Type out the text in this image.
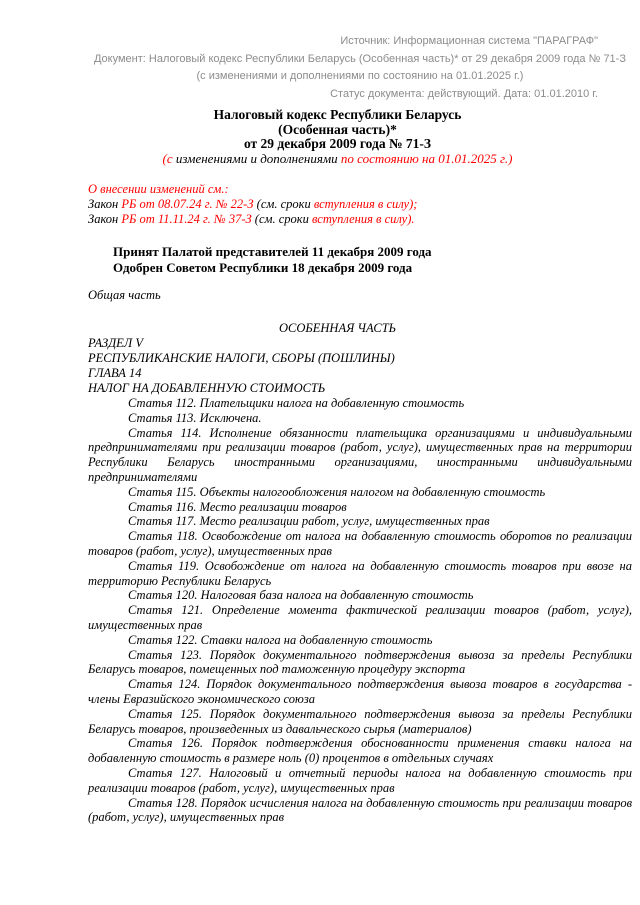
Источник: Информационная система "ПАРАГРАФ"
Документ: Налоговый кодекс Республики Беларусь (Особенная часть)* от 29 декабря 2009 года № 71-З (с изменениями и дополнениями по состоянию на 01.01.2025 г.)
Статус документа: действующий. Дата: 01.01.2010 г.
Налоговый кодекс Республики Беларусь
(Особенная часть)*
от 29 декабря 2009 года № 71-З
(с изменениями и дополнениями по состоянию на 01.01.2025 г.)
О внесении изменений см.:
Закон РБ от 08.07.24 г. № 22-З (см. сроки вступления в силу);
Закон РБ от 11.11.24 г. № 37-З (см. сроки вступления в силу).
Принят Палатой представителей 11 декабря 2009 года
Одобрен Советом Республики 18 декабря 2009 года
Общая часть
ОСОБЕННАЯ ЧАСТЬ
РАЗДЕЛ V
РЕСПУБЛИКАНСКИЕ НАЛОГИ, СБОРЫ (ПОШЛИНЫ)
ГЛАВА 14
НАЛОГ НА ДОБАВЛЕННУЮ СТОИМОСТЬ

Статья 112. Плательщики налога на добавленную стоимость

Статья 113. Исключена.

Статья 114. Исполнение обязанности плательщика организациями и индивидуальными предпринимателями при реализации товаров (работ, услуг), имущественных прав на территории Республики Беларусь иностранными организациями, иностранными индивидуальными предпринимателями

Статья 115. Объекты налогообложения налогом на добавленную стоимость

Статья 116. Место реализации товаров

Статья 117. Место реализации работ, услуг, имущественных прав

Статья 118. Освобождение от налога на добавленную стоимость оборотов по реализации товаров (работ, услуг), имущественных прав

Статья 119. Освобождение от налога на добавленную стоимость товаров при ввозе на территорию Республики Беларусь

Статья 120. Налоговая база налога на добавленную стоимость

Статья 121. Определение момента фактической реализации товаров (работ, услуг), имущественных прав

Статья 122. Ставки налога на добавленную стоимость

Статья 123. Порядок документального подтверждения вывоза за пределы Республики Беларусь товаров, помещенных под таможенную процедуру экспорта

Статья 124. Порядок документального подтверждения вывоза товаров в государства - члены Евразийского экономического союза

Статья 125. Порядок документального подтверждения вывоза за пределы Республики Беларусь товаров, произведенных из давальческого сырья (материалов)

Статья 126. Порядок подтверждения обоснованности применения ставки налога на добавленную стоимость в размере ноль (0) процентов в отдельных случаях

Статья 127. Налоговый и отчетный периоды налога на добавленную стоимость при реализации товаров (работ, услуг), имущественных прав

Статья 128. Порядок исчисления налога на добавленную стоимость при реализации товаров (работ, услуг), имущественных прав
